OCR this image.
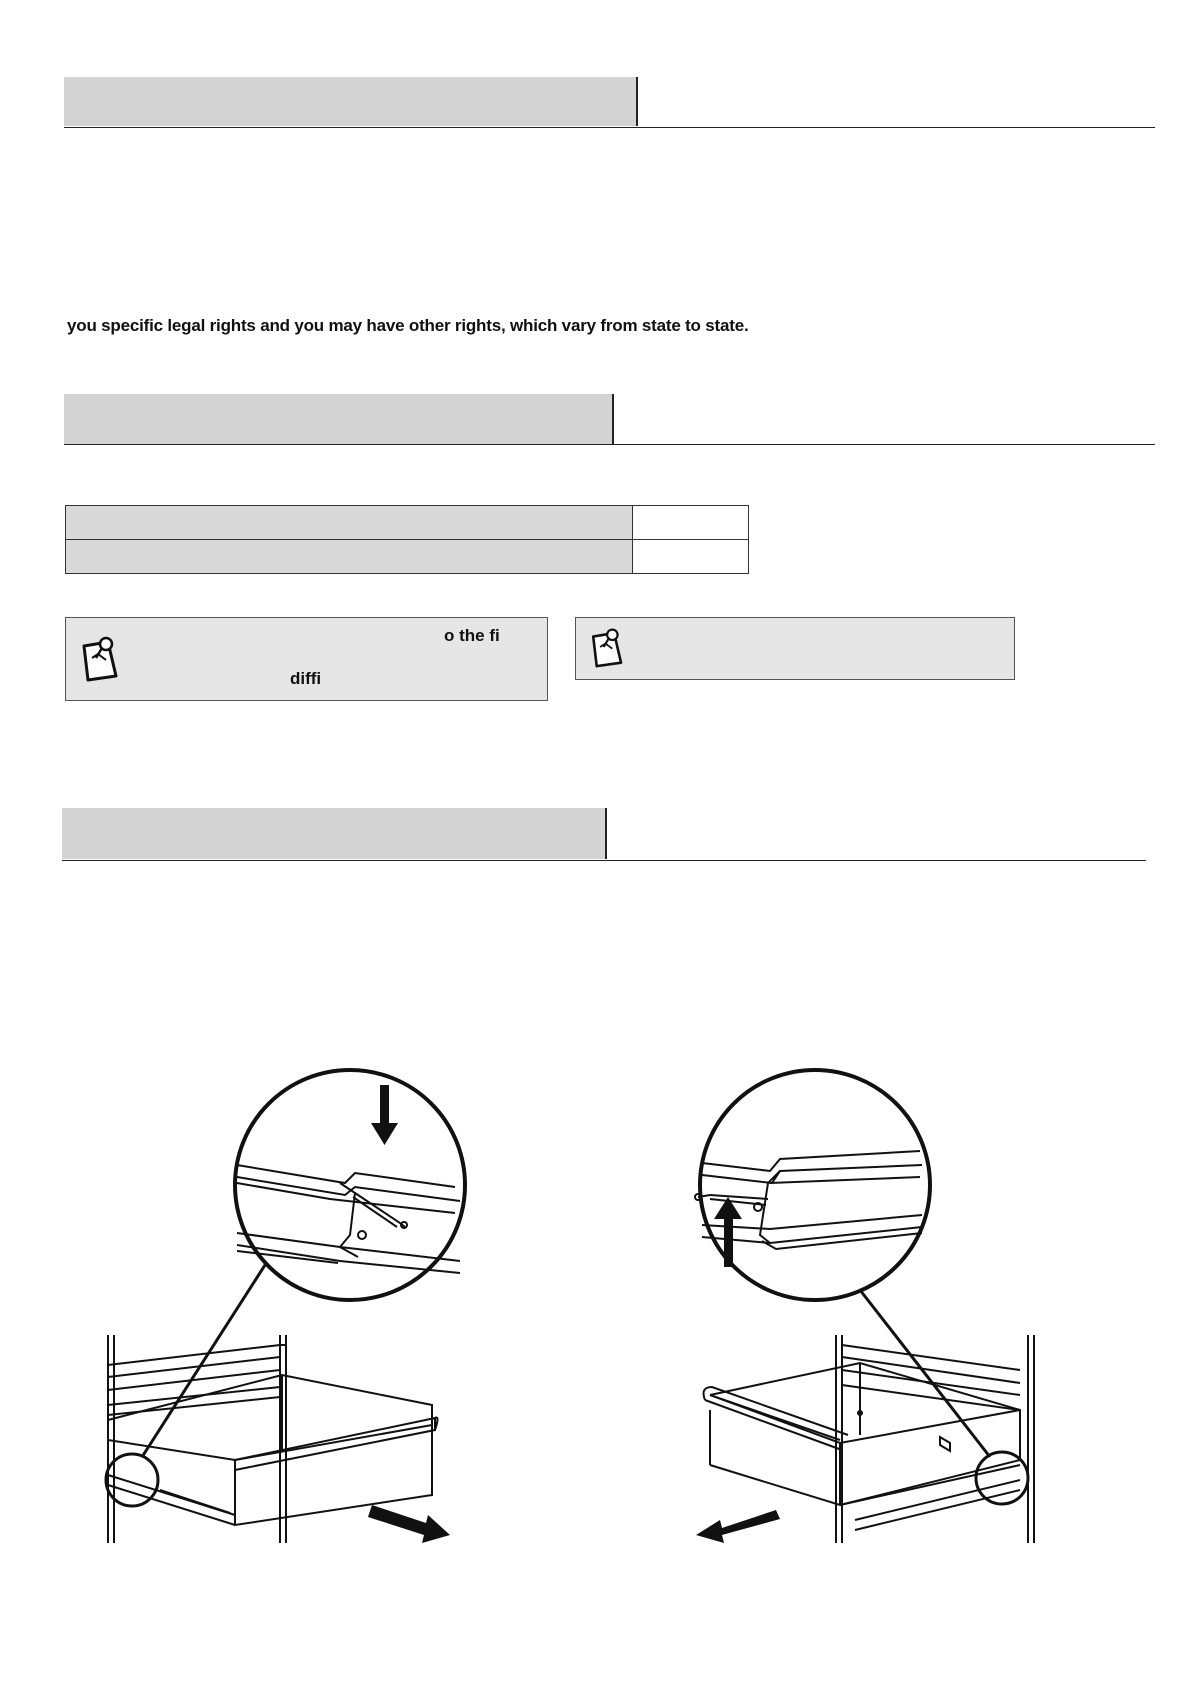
you specific legal rights and you may have other rights, which vary from state to state.

o the fi
diffi
